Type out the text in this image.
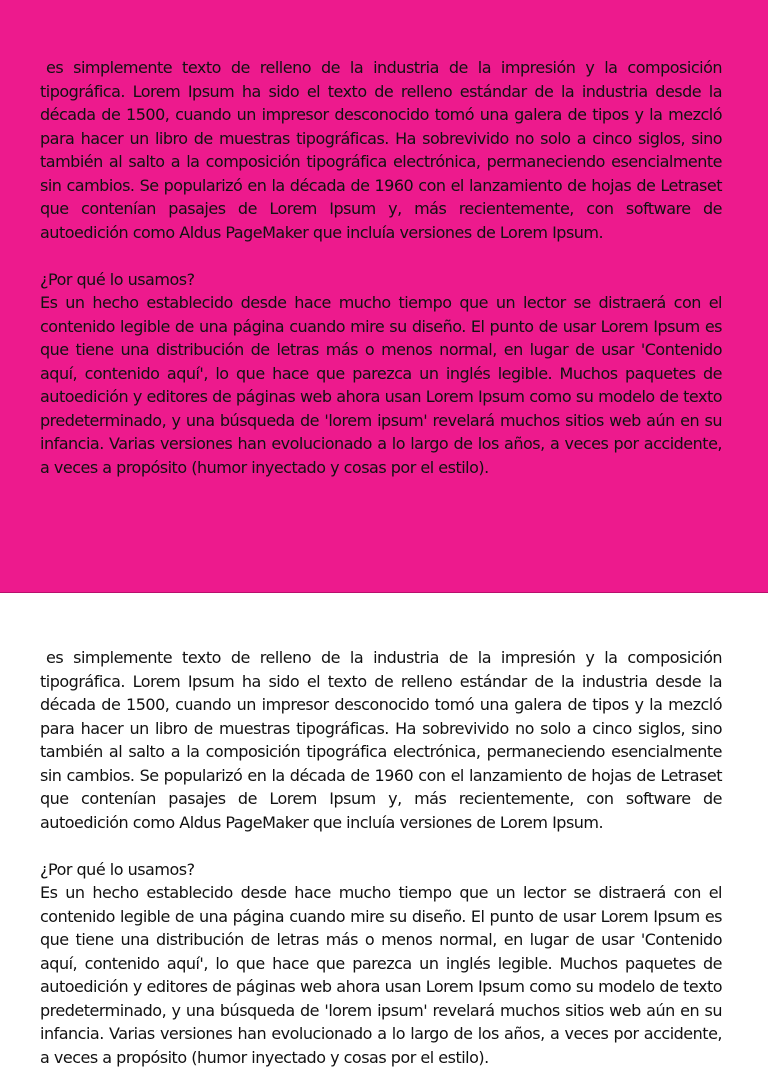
es simplemente texto de relleno de la industria de la impresión y la composición tipográfica. Lorem Ipsum ha sido el texto de relleno estándar de la industria desde la década de 1500, cuando un impresor desconocido tomó una galera de tipos y la mezcló para hacer un libro de muestras tipográficas. Ha sobrevivido no solo a cinco siglos, sino también al salto a la composición tipográfica electrónica, permaneciendo esencialmente sin cambios. Se popularizó en la década de 1960 con el lanzamiento de hojas de Letraset que contenían pasajes de Lorem Ipsum y, más recientemente, con software de autoedición como Aldus PageMaker que incluía versiones de Lorem Ipsum.

¿Por qué lo usamos?

Es un hecho establecido desde hace mucho tiempo que un lector se distraerá con el contenido legible de una página cuando mire su diseño. El punto de usar Lorem Ipsum es que tiene una distribución de letras más o menos normal, en lugar de usar 'Contenido aquí, contenido aquí', lo que hace que parezca un inglés legible. Muchos paquetes de autoedición y editores de páginas web ahora usan Lorem Ipsum como su modelo de texto predeterminado, y una búsqueda de 'lorem ipsum' revelará muchos sitios web aún en su infancia. Varias versiones han evolucionado a lo largo de los años, a veces por accidente, a veces a propósito (humor inyectado y cosas por el estilo).

es simplemente texto de relleno de la industria de la impresión y la composición tipográfica. Lorem Ipsum ha sido el texto de relleno estándar de la industria desde la década de 1500, cuando un impresor desconocido tomó una galera de tipos y la mezcló para hacer un libro de muestras tipográficas. Ha sobrevivido no solo a cinco siglos, sino también al salto a la composición tipográfica electrónica, permaneciendo esencialmente sin cambios. Se popularizó en la década de 1960 con el lanzamiento de hojas de Letraset que contenían pasajes de Lorem Ipsum y, más recientemente, con software de autoedición como Aldus PageMaker que incluía versiones de Lorem Ipsum.

¿Por qué lo usamos?

Es un hecho establecido desde hace mucho tiempo que un lector se distraerá con el contenido legible de una página cuando mire su diseño. El punto de usar Lorem Ipsum es que tiene una distribución de letras más o menos normal, en lugar de usar 'Contenido aquí, contenido aquí', lo que hace que parezca un inglés legible. Muchos paquetes de autoedición y editores de páginas web ahora usan Lorem Ipsum como su modelo de texto predeterminado, y una búsqueda de 'lorem ipsum' revelará muchos sitios web aún en su infancia. Varias versiones han evolucionado a lo largo de los años, a veces por accidente, a veces a propósito (humor inyectado y cosas por el estilo).
